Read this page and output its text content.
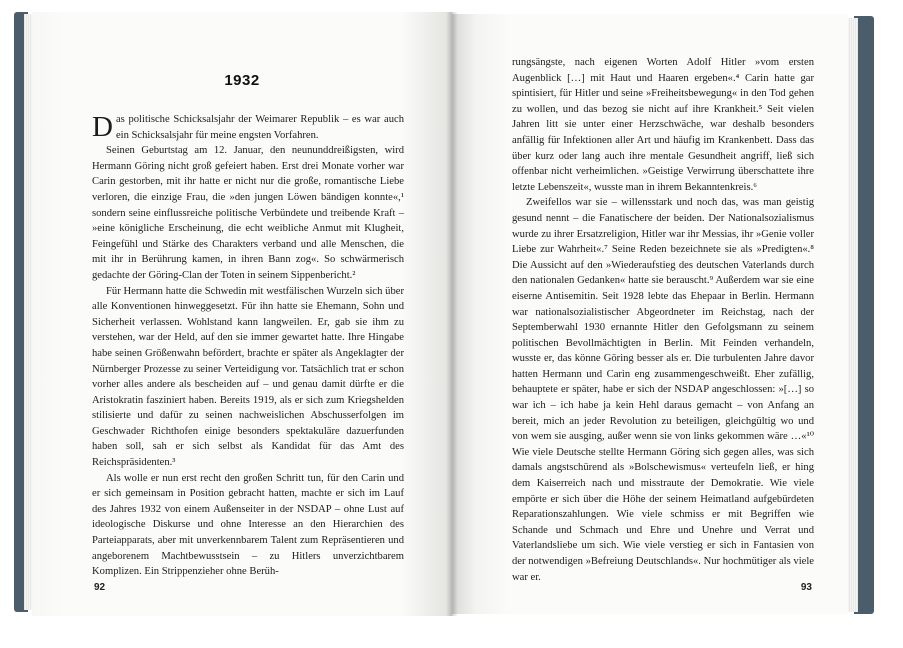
1932

Das politische Schicksalsjahr der Weimarer Republik – es war auch ein Schicksalsjahr für meine engsten Vorfahren.

Seinen Geburtstag am 12. Januar, den neununddreißigsten, wird Hermann Göring nicht groß gefeiert haben. Erst drei Monate vorher war Carin gestorben, mit ihr hatte er nicht nur die große, romantische Liebe verloren, die einzige Frau, die »den jungen Löwen bändigen konnte«,¹ sondern seine einflussreiche politische Verbündete und treibende Kraft – »eine königliche Erscheinung, die echt weibliche Anmut mit Klugheit, Feingefühl und Stärke des Charakters verband und alle Menschen, die mit ihr in Berührung kamen, in ihren Bann zog«. So schwärmerisch gedachte der Göring-Clan der Toten in seinem Sippenbericht.²

Für Hermann hatte die Schwedin mit westfälischen Wurzeln sich über alle Konventionen hinweggesetzt. Für ihn hatte sie Ehemann, Sohn und Sicherheit verlassen. Wohlstand kann langweilen. Er, gab sie ihm zu verstehen, war der Held, auf den sie immer gewartet hatte. Ihre Hingabe habe seinen Größenwahn befördert, brachte er später als Angeklagter der Nürnberger Prozesse zu seiner Verteidigung vor. Tatsächlich trat er schon vorher alles andere als bescheiden auf – und genau damit dürfte er die Aristokratin fasziniert haben. Bereits 1919, als er sich zum Kriegshelden stilisierte und dafür zu seinen nachweislichen Abschusserfolgen im Geschwader Richthofen einige besonders spektakuläre dazuerfunden haben soll, sah er sich selbst als Kandidat für das Amt des Reichspräsidenten.³

Als wolle er nun erst recht den großen Schritt tun, für den Carin und er sich gemeinsam in Position gebracht hatten, machte er sich im Lauf des Jahres 1932 von einem Außenseiter in der NSDAP – ohne Lust auf ideologische Diskurse und ohne Interesse an den Hierarchien des Parteiapparats, aber mit unverkennbarem Talent zum Repräsentieren und angeborenem Machtbewusstsein – zu Hitlers unverzichtbarem Komplizen. Ein Strippenzieher ohne Berüh-

92

rungsängste, nach eigenen Worten Adolf Hitler »vom ersten Augenblick […] mit Haut und Haaren ergeben«.⁴ Carin hatte gar spintisiert, für Hitler und seine »Freiheitsbewegung« in den Tod gehen zu wollen, und das bezog sie nicht auf ihre Krankheit.⁵ Seit vielen Jahren litt sie unter einer Herzschwäche, war deshalb besonders anfällig für Infektionen aller Art und häufig im Krankenbett. Dass das über kurz oder lang auch ihre mentale Gesundheit angriff, ließ sich offenbar nicht verheimlichen. »Geistige Verwirrung überschattete ihre letzte Lebenszeit«, wusste man in ihrem Bekanntenkreis.⁶

Zweifellos war sie – willensstark und noch das, was man geistig gesund nennt – die Fanatischere der beiden. Der Nationalsozialismus wurde zu ihrer Ersatzreligion, Hitler war ihr Messias, ihr »Genie voller Liebe zur Wahrheit«.⁷ Seine Reden bezeichnete sie als »Predigten«.⁸ Die Aussicht auf den »Wiederaufstieg des deutschen Vaterlands durch den nationalen Gedanken« hatte sie berauscht.⁹ Außerdem war sie eine eiserne Antisemitin. Seit 1928 lebte das Ehepaar in Berlin. Hermann war nationalsozialistischer Abgeordneter im Reichstag, nach der Septemberwahl 1930 ernannte Hitler den Gefolgsmann zu seinem politischen Bevollmächtigten in Berlin. Mit Feinden verhandeln, wusste er, das könne Göring besser als er. Die turbulenten Jahre davor hatten Hermann und Carin eng zusammengeschweißt. Eher zufällig, behauptete er später, habe er sich der NSDAP angeschlossen: »[…] so war ich – ich habe ja kein Hehl daraus gemacht – von Anfang an bereit, mich an jeder Revolution zu beteiligen, gleichgültig wo und von wem sie ausging, außer wenn sie von links gekommen wäre …«¹⁰ Wie viele Deutsche stellte Hermann Göring sich gegen alles, was sich damals angstschürend als »Bolschewismus« verteufeln ließ, er hing dem Kaiserreich nach und misstraute der Demokratie. Wie viele empörte er sich über die Höhe der seinem Heimatland aufgebürdeten Reparationszahlungen. Wie viele schmiss er mit Begriffen wie Schande und Schmach und Ehre und Unehre und Verrat und Vaterlandsliebe um sich. Wie viele verstieg er sich in Fantasien von der notwendigen »Befreiung Deutschlands«. Nur hochmütiger als viele war er.

93
